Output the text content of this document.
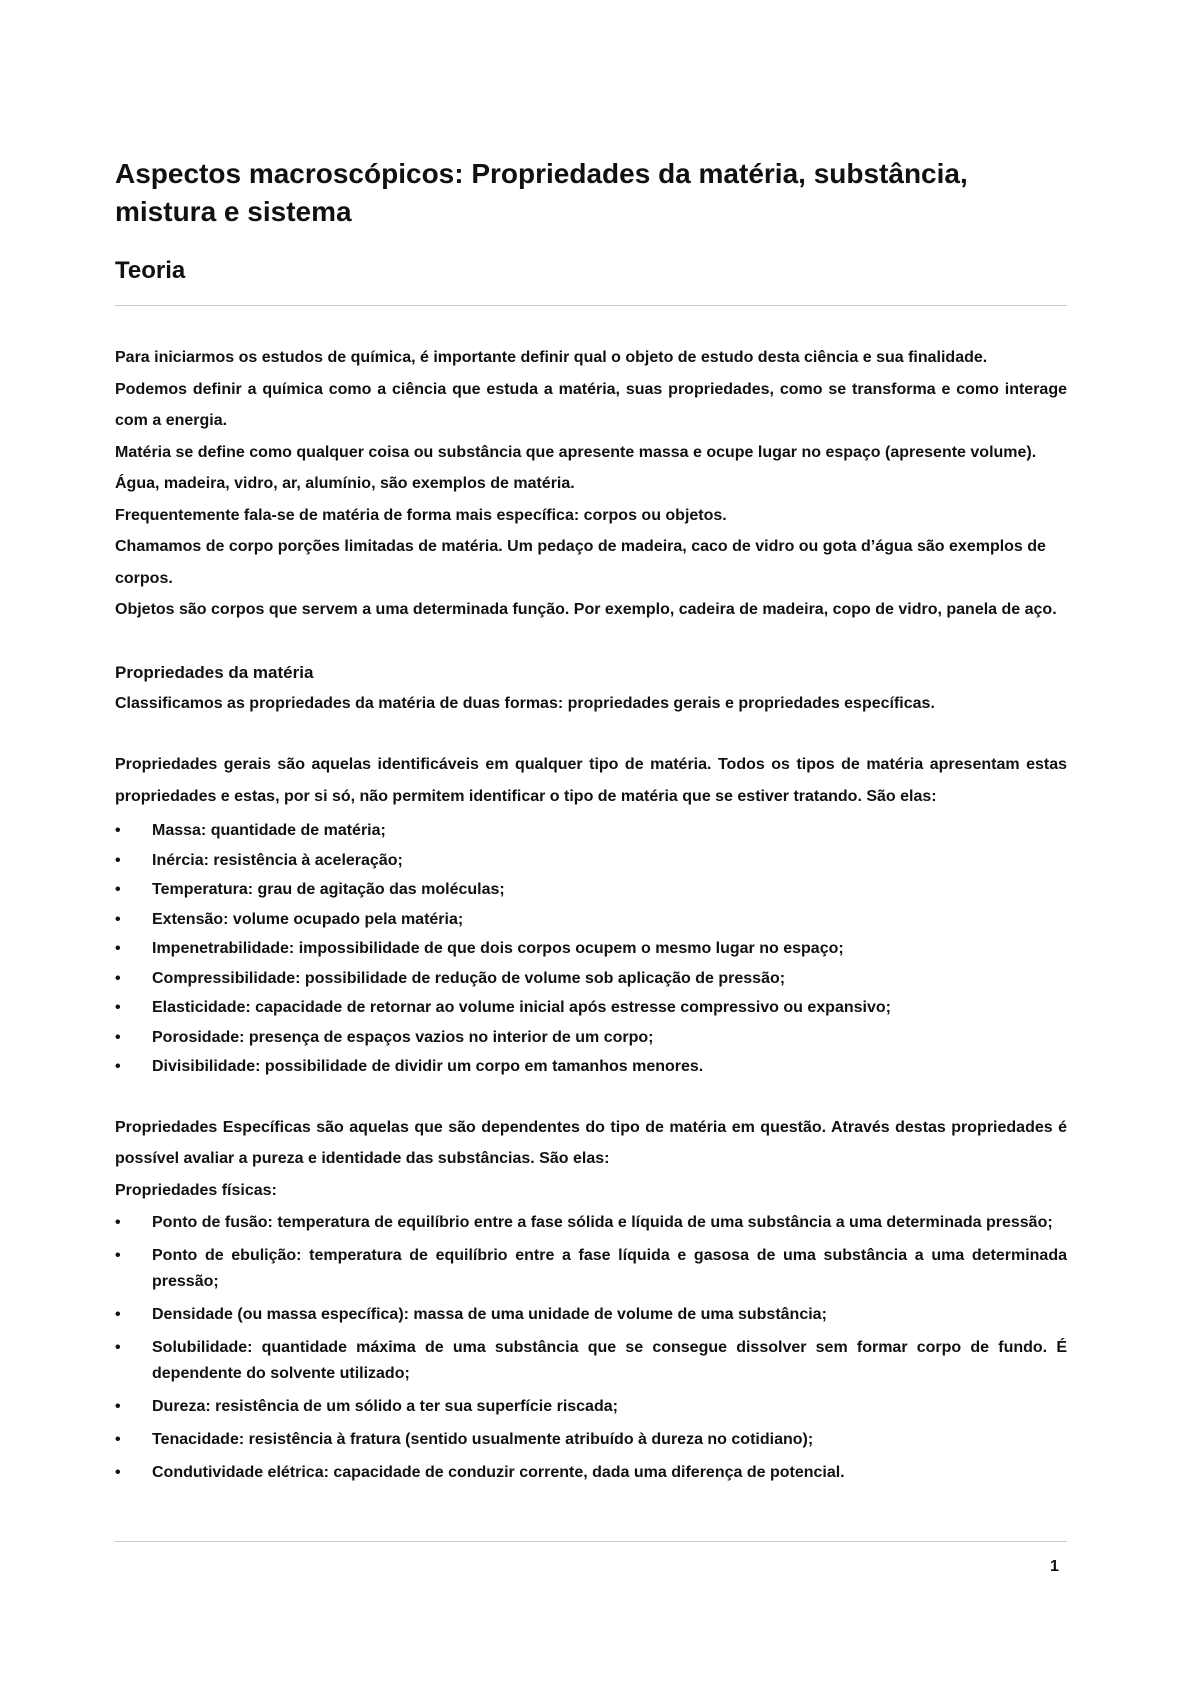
Aspectos macroscópicos: Propriedades da matéria, substância, mistura e sistema
Teoria

Para iniciarmos os estudos de química, é importante definir qual o objeto de estudo desta ciência e sua finalidade.

Podemos definir a química como a ciência que estuda a matéria, suas propriedades, como se transforma e como interage com a energia.

Matéria se define como qualquer coisa ou substância que apresente massa e ocupe lugar no espaço (apresente volume).

Água, madeira, vidro, ar, alumínio, são exemplos de matéria.

Frequentemente fala-se de matéria de forma mais específica: corpos ou objetos.

Chamamos de corpo porções limitadas de matéria. Um pedaço de madeira, caco de vidro ou gota d’água são exemplos de corpos.

Objetos são corpos que servem a uma determinada função. Por exemplo, cadeira de madeira, copo de vidro, panela de aço.

Propriedades da matéria

Classificamos as propriedades da matéria de duas formas: propriedades gerais e propriedades específicas.

Propriedades gerais são aquelas identificáveis em qualquer tipo de matéria. Todos os tipos de matéria apresentam estas propriedades e estas, por si só, não permitem identificar o tipo de matéria que se estiver tratando. São elas:

• Massa: quantidade de matéria;
• Inércia: resistência à aceleração;
• Temperatura: grau de agitação das moléculas;
• Extensão: volume ocupado pela matéria;
• Impenetrabilidade: impossibilidade de que dois corpos ocupem o mesmo lugar no espaço;
• Compressibilidade: possibilidade de redução de volume sob aplicação de pressão;
• Elasticidade: capacidade de retornar ao volume inicial após estresse compressivo ou expansivo;
• Porosidade: presença de espaços vazios no interior de um corpo;
• Divisibilidade: possibilidade de dividir um corpo em tamanhos menores.

Propriedades Específicas são aquelas que são dependentes do tipo de matéria em questão. Através destas propriedades é possível avaliar a pureza e identidade das substâncias. São elas:

Propriedades físicas:

• Ponto de fusão: temperatura de equilíbrio entre a fase sólida e líquida de uma substância a uma determinada pressão;
• Ponto de ebulição: temperatura de equilíbrio entre a fase líquida e gasosa de uma substância a uma determinada pressão;
• Densidade (ou massa específica): massa de uma unidade de volume de uma substância;
• Solubilidade: quantidade máxima de uma substância que se consegue dissolver sem formar corpo de fundo. É dependente do solvente utilizado;
• Dureza: resistência de um sólido a ter sua superfície riscada;
• Tenacidade: resistência à fratura (sentido usualmente atribuído à dureza no cotidiano);
• Condutividade elétrica: capacidade de conduzir corrente, dada uma diferença de potencial.
1
